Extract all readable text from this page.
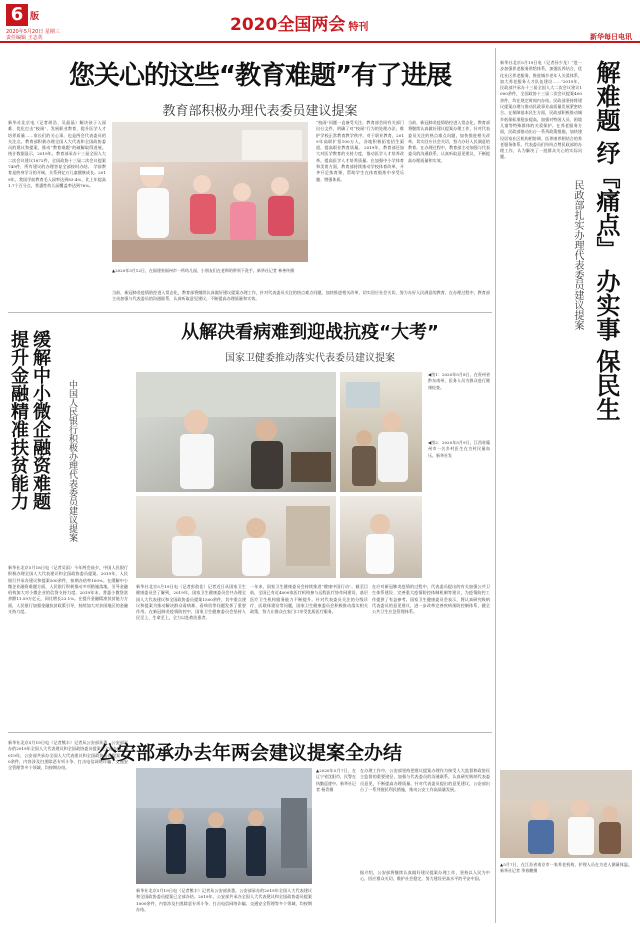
6 版
2020年5月20日 星期三
责任编辑 王志英
2020全国两会 特刊
新华每日电讯
您关心的这些“教育难题”有了进展
教育部积极办理代表委员建议提案
新华社北京电（记者胡浩、吴晶晶）解决孩子入园难、优化打击“校闹”、发展职业教育、提升医学人才培养质量……家长们的关心事，也是两会代表委员的关注点。教育部积极办理全国人大代表和全国政协委员的建议和提案，推动“教育难题”的破解取得进展。 统计数据显示，2019年，教育部承办十三届全国人大二次会议建议1872件，全国政协十三届二次会议提案749件，所有建议的办理答复全部按时办结。 学前教育是终身学习的开端，关系到亿万儿童健康成长。2019年，我国学前教育毛入园率达到83.4%，比上年提高1.7个百分点，普惠性幼儿园覆盖率达到76%。
▲2020年3月12日，在福建省福州市一所幼儿园，小朋友们在老师的带领下洗手。新华社记者 林善传摄
“校闹”问题一直备受关注。教育部会同有关部门出台文件，明确了对“校闹”行为的处理办法，维护学校正常教育教学秩序。对于职业教育，2019年高职扩招100万人，各地积极拓宽招生渠道，提高职业教育质量。 2019年，教育部还加大对医学教育的支持力度，推动医学人才培养改革，提高医学人才培养质量。在加强中小学体育和美育方面，教育部持续推动学校体育改革，开齐开足体育课，帮助学生在体育锻炼中享受乐趣、增强体质。
当前，新冠肺炎疫情防控进入常态化，教育部将继续认真做好建议提案办理工作，针对代表委员关注的热点难点问题，加快推进相关改革，切实回应社会关切，努力办好人民满意的教育。在办理过程中，教育部主动加强与代表委员的沟通联系，认真听取意见建议，不断提高办理质量和实效。
当前，新冠肺炎疫情防控进入常态化，教育部将继续认真做好建议提案办理工作，针对代表委员关注的热点难点问题，加快推进相关改革，切实回应社会关切，努力办好人民满意的教育。在办理过程中，教育部主动加强与代表委员的沟通联系，认真听取意见建议，不断提高办理质量和实效。
新华社北京5月19日电（记者孙少龙）“进一步加强养老服务供给体系，加强医养结合，优化社区养老服务，推进城乡老年人关爱体系，加大养老服务人才队伍建设……”2019年，民政部共承办十三届全国人大二次会议建议1000余件，全国政协十三届二次会议提案400余件，均在规定时间内办结。民政部坚持将建议提案办理与推动民政事业高质量发展紧密结合。在保障基本民生方面，民政部积极推动城乡低保标准稳步提高，加强对特困人员、困境儿童等特殊群体的关爱保护。在养老服务方面，民政部推动出台一系列政策措施，加快建设居家社区机构相协调、医养康养相结合的养老服务体系。代表委员们纷纷点赞民政部的办理工作，认为解决了一批群众关心的实际问题。	解难题 纾『痛点』 办实事 保民生
民政部扎实办理代表委员建议提案
▲5月7日，在江苏省南京市一家养老机构，护理人员在为老人测量体温。新华社记者 季春鹏摄
缓解中小微企融资难题
提升金融精准扶贫能力	中国人民银行积极办理代表委员建议提案
新华社北京5月18日电（记者吴雨）今年两会前夕，中国人民银行积极办理全国人大代表建议和全国政协委员提案。2019年，人民银行共承办建议和提案500余件，按期办结率100%。在缓解中小微企业融资难题方面，人民银行积极推动多项措施落地，引导金融机构加大对小微企业的信贷支持力度。2019年末，普惠小微贷款余额11.59万亿元，同比增长23.1%。在提升金融精准扶贫能力方面，人民银行加强金融扶贫政策引导，持续加大对贫困地区的金融支持力度。
从解决看病难到迎战抗疫“大考”
国家卫健委推动落实代表委员建议提案
◀图1：2020年5月8日，在贵州省黔东南州，医务人员为群众进行健康检查。
◀图2：2020年5月9日，江西省赣州市一名乡村医生在为村民量血压。新华社发
新华社北京5月19日电（记者彭韵佳）记者近日从国家卫生健康委员会了解到，2019年，国家卫生健康委员会共办理全国人大代表建议和全国政协委员提案1500余件，其中重点建议和提案为推动解决群众看病难、看病贵等问题发挥了重要作用。在新冠肺炎疫情防控中，国家卫生健康委员会坚持人民至上、生命至上，全力以赴救治患者。
一年来，国家卫生健康委员会持续推进“健康中国行动”。截至目前，全国已有近4000家医疗机构参与远程医疗协作网建设，基层医疗卫生机构服务能力不断提升。针对代表委员关注的分级诊疗、医联体建设等问题，国家卫生健康委员会积极推动落实相关政策，努力让群众在家门口享受优质医疗服务。
在应对新冠肺炎疫情的过程中，代表委员提出的有关加强公共卫生体系建设、完善重大疫情防控体制机制等建议，为疫情防控工作提供了有益参考。国家卫生健康委员会表示，将认真研究吸纳代表委员的意见建议，进一步改革完善疾病预防控制体系，健全公共卫生应急管理体系。
公安部承办去年两会建议提案全办结
▲2020年5月7日，在辽宁省沈阳市，民警在执勤巡逻中。新华社记者 杨青摄
新华社北京5月19日电（记者熊丰）记者从公安部获悉，公安部承办的2019年全国人大代表建议和全国政协委员提案已全部办结。2019年，公安部共承办全国人大代表建议和全国政协委员提案1000余件，内容涉及扫黑除恶专项斗争、打击电信网络诈骗、交通安全管理等多个领域，均按期办结。
在办理工作中，公安部坚持把建议提案办理作为接受人大监督和政协民主监督的重要途径，加强与代表委员的沟通联系，认真研究吸纳代表委员意见，不断提高办理质量。针对代表委员提出的意见建议，公安部出台了一系列便民利民措施，推动公安工作高质量发展。
据介绍，公安部将继续认真做好建议提案办理工作，坚持以人民为中心，回应群众关切，维护社会稳定，努力建设更高水平的平安中国。
新华社北京5月19日电（记者熊丰）记者从公安部获悉，公安部承办的2019年全国人大代表建议和全国政协委员提案已全部办结。2019年，公安部共承办全国人大代表建议和全国政协委员提案1000余件，内容涉及扫黑除恶专项斗争、打击电信网络诈骗、交通安全管理等多个领域，均按期办结。
